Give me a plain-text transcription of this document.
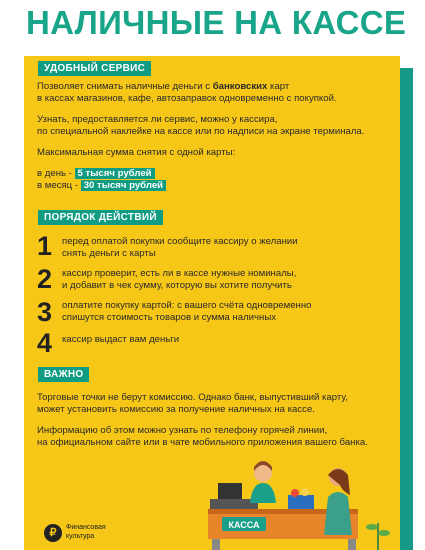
НАЛИЧНЫЕ НА КАССЕ
УДОБНЫЙ СЕРВИС
Позволяет снимать наличные деньги с банковских карт
в кассах магазинов, кафе, автозаправок одновременно с покупкой.
Узнать, предоставляется ли сервис, можно у кассира,
по специальной наклейке на кассе или по надписи на экране терминала.
Максимальная сумма снятия с одной карты:
в день - 5 тысяч рублей
в месяц - 30 тысяч рублей
ПОРЯДОК ДЕЙСТВИЙ
1 перед оплатой покупки сообщите кассиру о желании
снять деньги с карты
2 кассир проверит, есть ли в кассе нужные номиналы,
и добавит в чек сумму, которую вы хотите получить
3 оплатите покупку картой: с вашего счёта одновременно
спишутся стоимость товаров и сумма наличных
4 кассир выдаст вам деньги
ВАЖНО
Торговые точки не берут комиссию. Однако банк, выпустивший карту,
может установить комиссию за получение наличных на кассе.
Информацию об этом можно узнать по телефону горячей линии,
на официальном сайте или в чате мобильного приложения вашего банка.
₽	Финансовая
культура
КАССА
